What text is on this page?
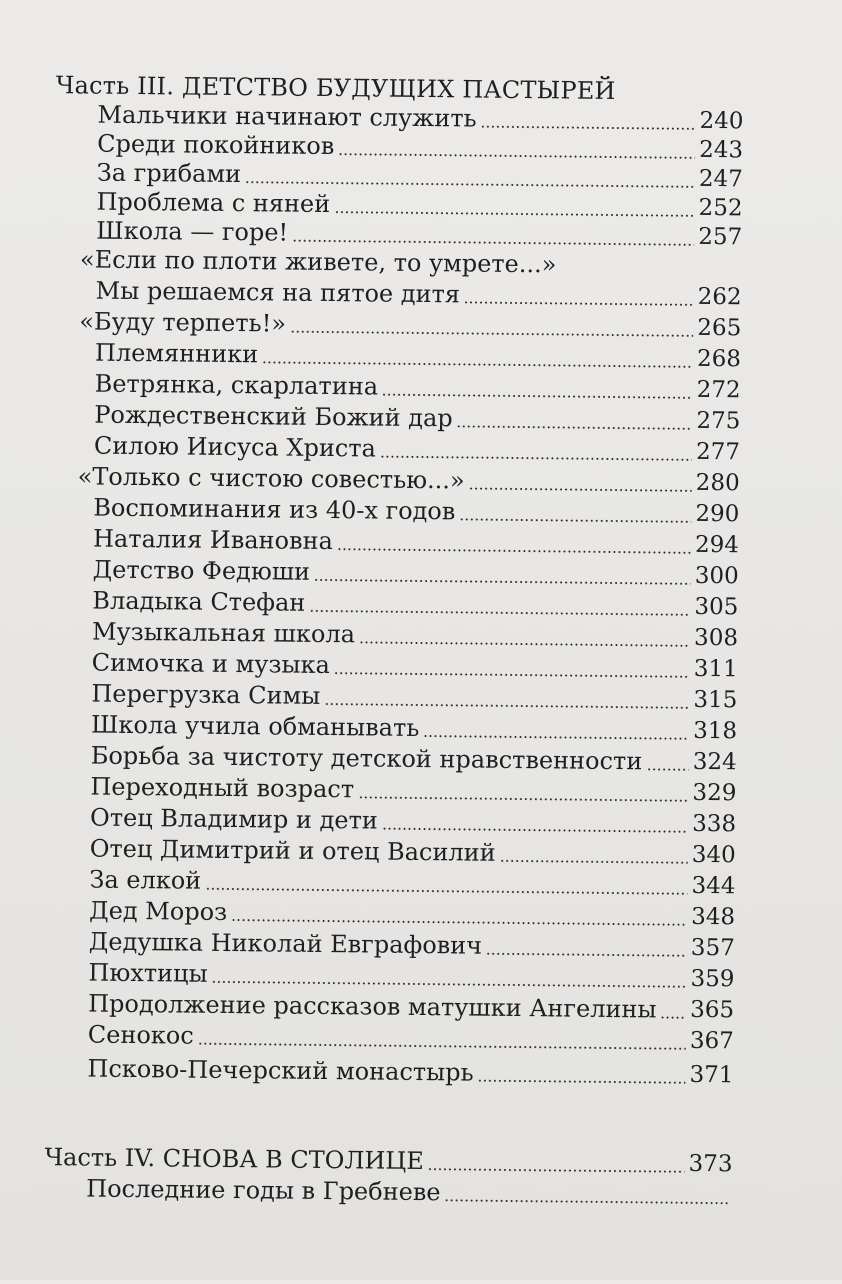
Часть III. ДЕТСТВО БУДУЩИХ ПАСТЫРЕЙ
Мальчики начинают служить	240
Среди покойников	243
За грибами	247
Проблема с няней	252
Школа — горе!	257
«Если по плоти живете, то умрете...»
Мы решаемся на пятое дитя	262
«Буду терпеть!»	265
Племянники	268
Ветрянка, скарлатина	272
Рождественский Божий дар	275
Силою Иисуса Христа	277
«Только с чистою совестью...»	280
Воспоминания из 40-х годов	290
Наталия Ивановна	294
Детство Федюши	300
Владыка Стефан	305
Музыкальная школа	308
Симочка и музыка	311
Перегрузка Симы	315
Школа учила обманывать	318
Борьба за чистоту детской нравственности 324
Переходный возраст	329
Отец Владимир и дети	338
Отец Димитрий и отец Василий	340
За елкой	344
Дед Мороз	348
Дедушка Николай Евграфович	357
Пюхтицы	359
Продолжение рассказов матушки Ангелины 365
Сенокос	367
Псково-Печерский монастырь	371
Часть IV. СНОВА В СТОЛИЦЕ	373
Последние годы в Гребневе
